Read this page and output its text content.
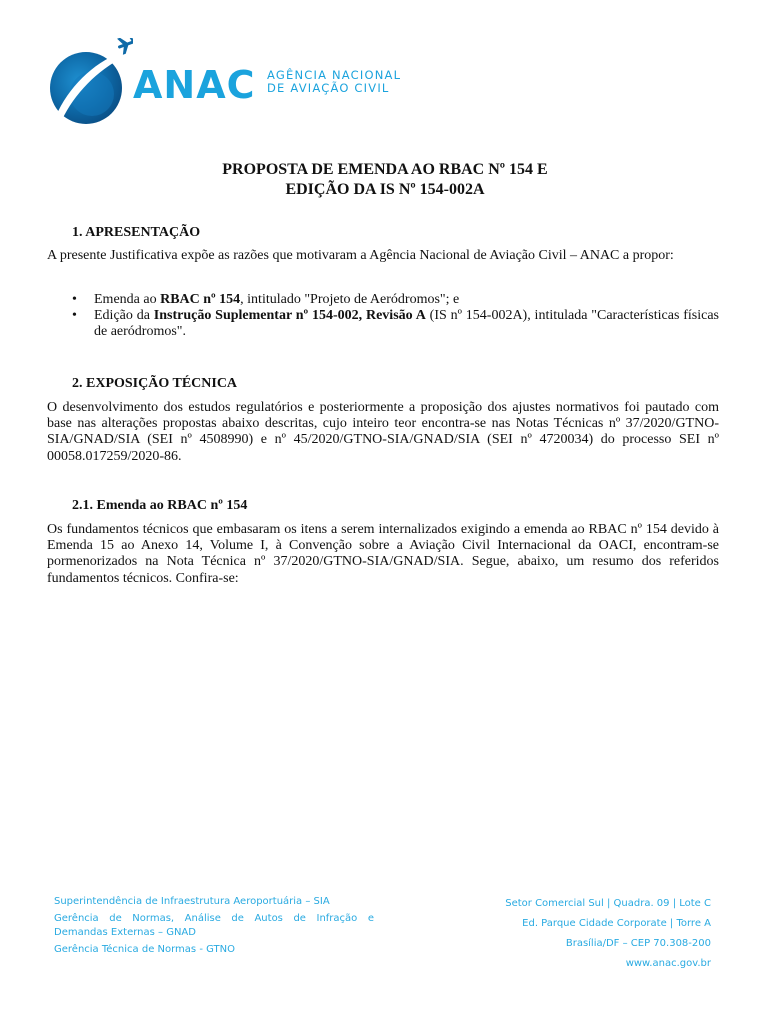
ANAC AGÊNCIA NACIONAL
DE AVIAÇÃO CIVIL
PROPOSTA DE EMENDA AO RBAC Nº 154 E
EDIÇÃO DA IS Nº 154-002A
1. APRESENTAÇÃO
A presente Justificativa expõe as razões que motivaram a Agência Nacional de Aviação Civil – ANAC a propor:
• Emenda ao RBAC nº 154, intitulado "Projeto de Aeródromos"; e
• Edição da Instrução Suplementar nº 154-002, Revisão A (IS nº 154-002A), intitulada "Características físicas de aeródromos".
2. EXPOSIÇÃO TÉCNICA
O desenvolvimento dos estudos regulatórios e posteriormente a proposição dos ajustes normativos foi pautado com base nas alterações propostas abaixo descritas, cujo inteiro teor encontra-se nas Notas Técnicas nº 37/2020/GTNO-SIA/GNAD/SIA (SEI nº 4508990) e nº 45/2020/GTNO-SIA/GNAD/SIA (SEI nº 4720034) do processo SEI nº 00058.017259/2020-86.
2.1. Emenda ao RBAC nº 154
Os fundamentos técnicos que embasaram os itens a serem internalizados exigindo a emenda ao RBAC nº 154 devido à Emenda 15 ao Anexo 14, Volume I, à Convenção sobre a Aviação Civil Internacional da OACI, encontram-se pormenorizados na Nota Técnica nº 37/2020/GTNO-SIA/GNAD/SIA. Segue, abaixo, um resumo dos referidos fundamentos técnicos. Confira-se:
Superintendência de Infraestrutura Aeroportuária – SIA
Gerência de Normas, Análise de Autos de Infração e
Demandas Externas – GNAD
Gerência Técnica de Normas - GTNO
Setor Comercial Sul | Quadra. 09 | Lote C
Ed. Parque Cidade Corporate | Torre A
Brasília/DF – CEP 70.308-200
www.anac.gov.br
